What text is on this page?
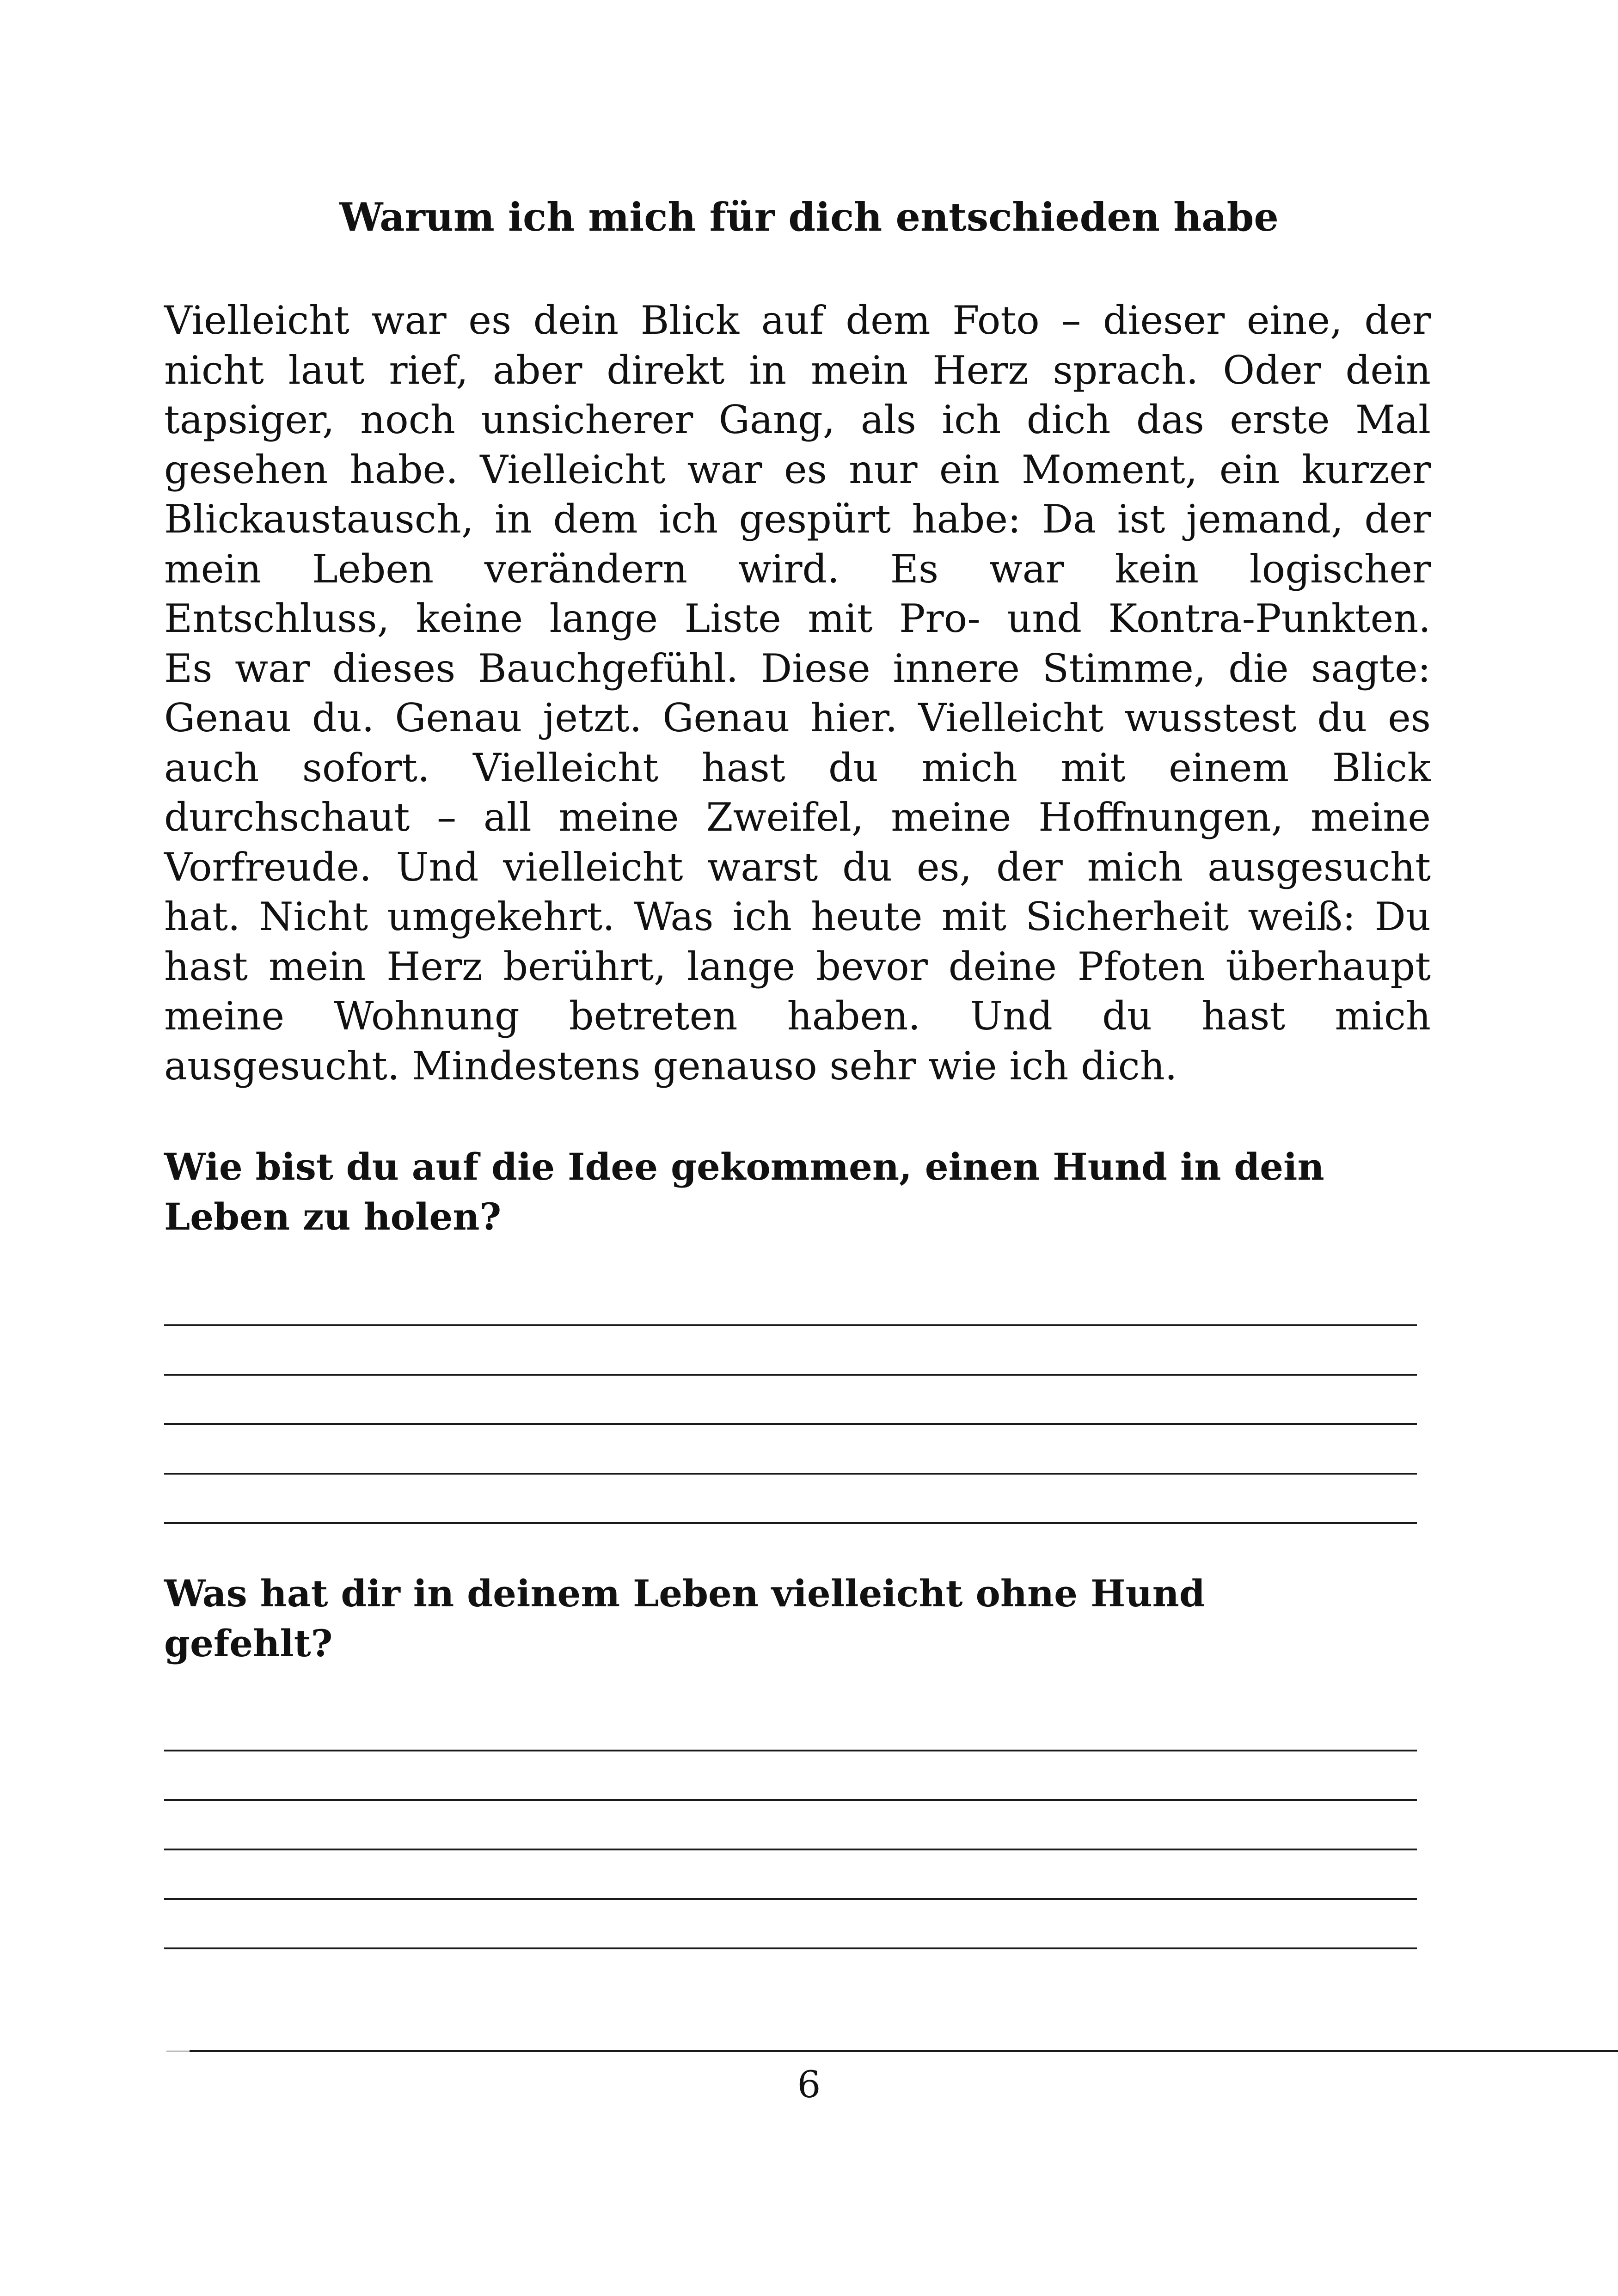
Warum ich mich für dich entschieden habe
Vielleicht war es dein Blick auf dem Foto – dieser eine, der
nicht laut rief, aber direkt in mein Herz sprach. Oder dein
tapsiger, noch unsicherer Gang, als ich dich das erste Mal
gesehen habe. Vielleicht war es nur ein Moment, ein kurzer
Blickaustausch, in dem ich gespürt habe: Da ist jemand, der
mein Leben verändern wird. Es war kein logischer
Entschluss, keine lange Liste mit Pro- und Kontra-Punkten.
Es war dieses Bauchgefühl. Diese innere Stimme, die sagte:
Genau du. Genau jetzt. Genau hier. Vielleicht wusstest du es
auch sofort. Vielleicht hast du mich mit einem Blick
durchschaut – all meine Zweifel, meine Hoffnungen, meine
Vorfreude. Und vielleicht warst du es, der mich ausgesucht
hat. Nicht umgekehrt. Was ich heute mit Sicherheit weiß: Du
hast mein Herz berührt, lange bevor deine Pfoten überhaupt
meine Wohnung betreten haben. Und du hast mich
ausgesucht. Mindestens genauso sehr wie ich dich.
Wie bist du auf die Idee gekommen, einen Hund in dein
Leben zu holen?
Was hat dir in deinem Leben vielleicht ohne Hund
gefehlt?
6
